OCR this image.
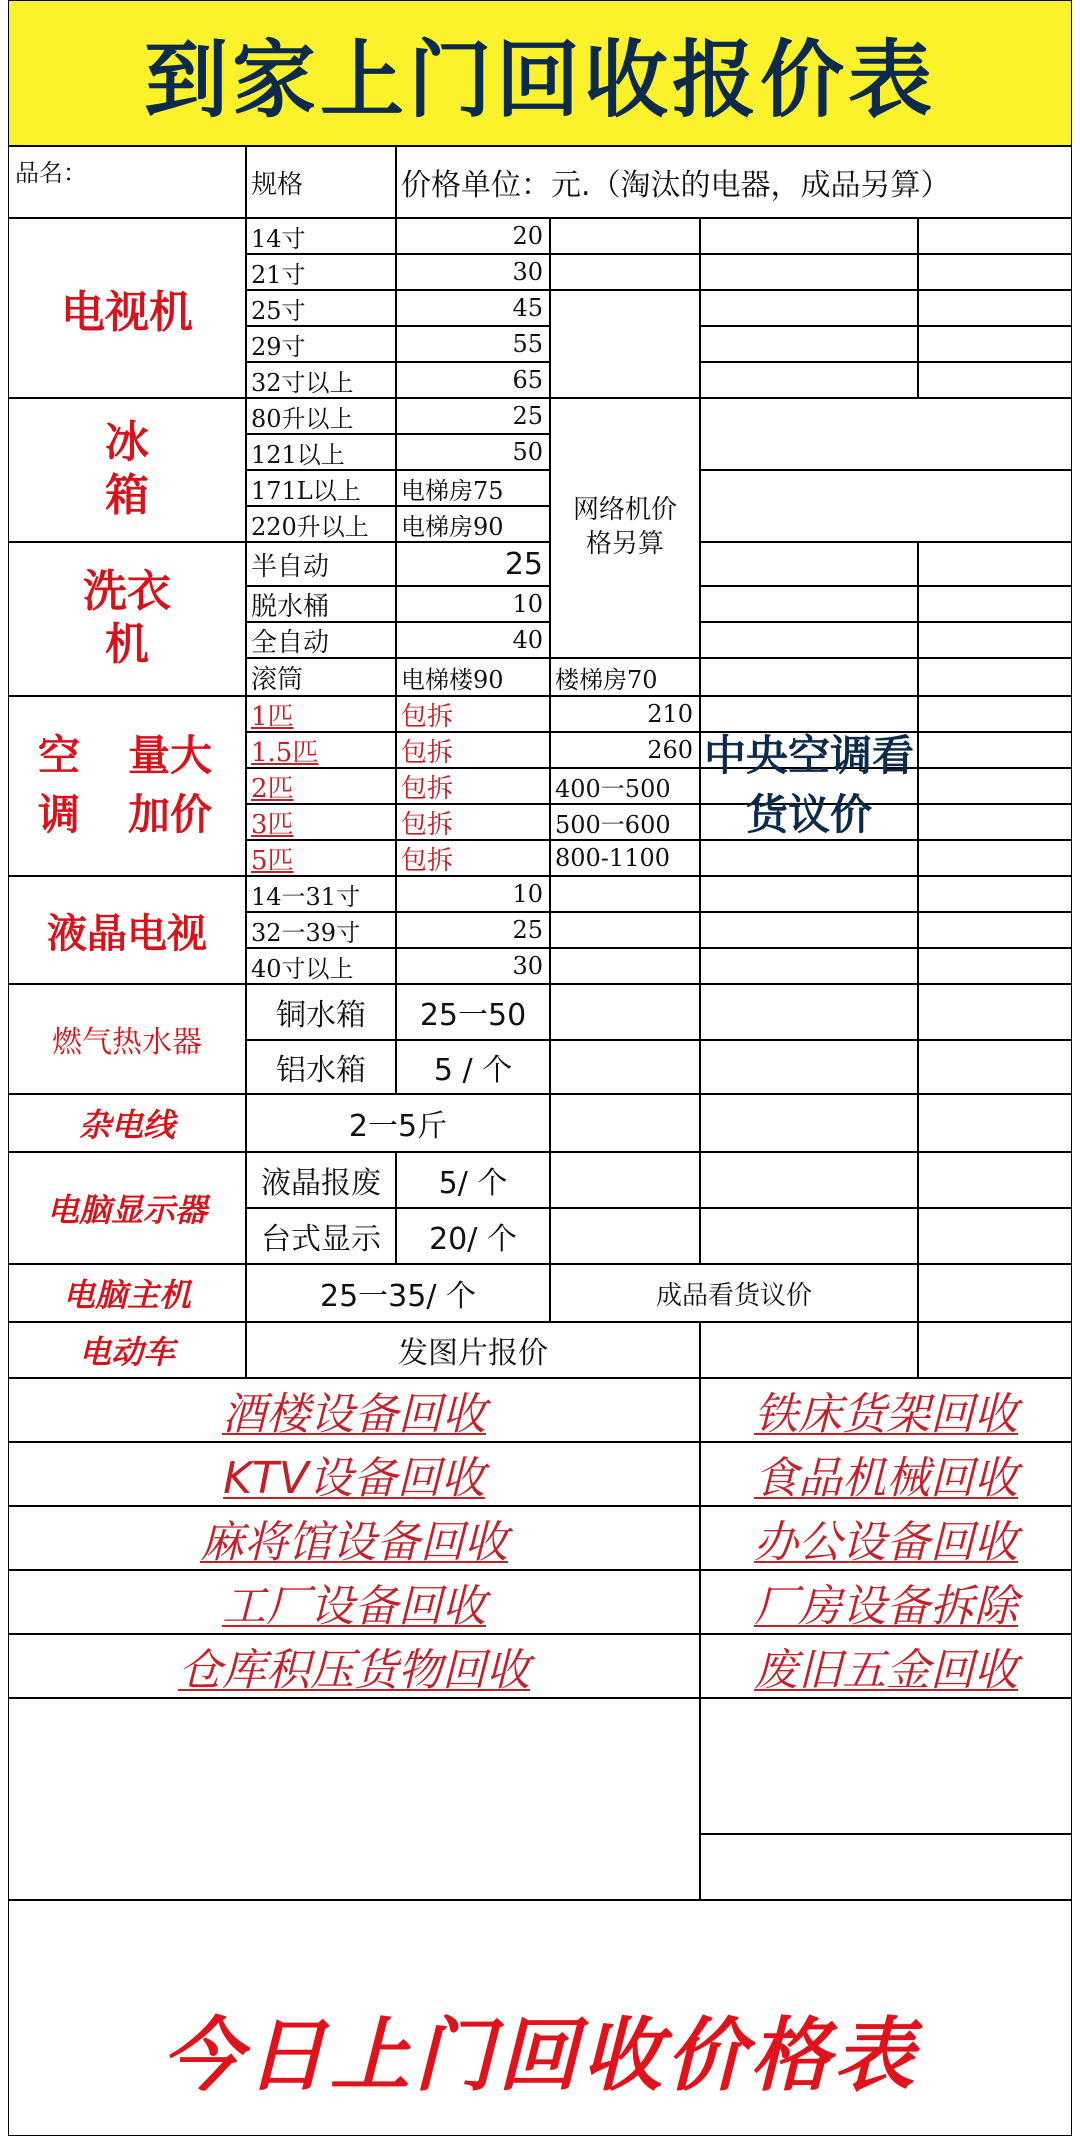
到家上门回收报价表
品名：	规格	价格单位：元.（淘汰的电器，成品另算）
电视机
14寸	20
21寸	30
25寸	45
29寸	55
32寸以上	65
冰箱
80升以上	25
121以上	50
171L以上	电梯房75
220升以上	电梯房90
网络机价格另算
洗衣机
半自动	25
脱水桶	10
全自动	40
滚筒	电梯楼90	楼梯房70
空调
量大加价
1匹	包拆	210
1.5匹	包拆	260
2匹	包拆	400一500
3匹	包拆	500一600
5匹	包拆	800-1100
中央空调看货议价
液晶电视
14一31寸	10
32一39寸	25
40寸以上	30
燃气热水器
铜水箱	25一50
铝水箱	5 / 个
杂电线	2一5斤
电脑显示器
液晶报废	5/ 个
台式显示	20/ 个
电脑主机	25一35/ 个	成品看货议价
电动车	发图片报价
酒楼设备回收	铁床货架回收
KTV设备回收	食品机械回收
麻将馆设备回收	办公设备回收
工厂设备回收	厂房设备拆除
仓库积压货物回收	废旧五金回收
今日上门回收价格表
